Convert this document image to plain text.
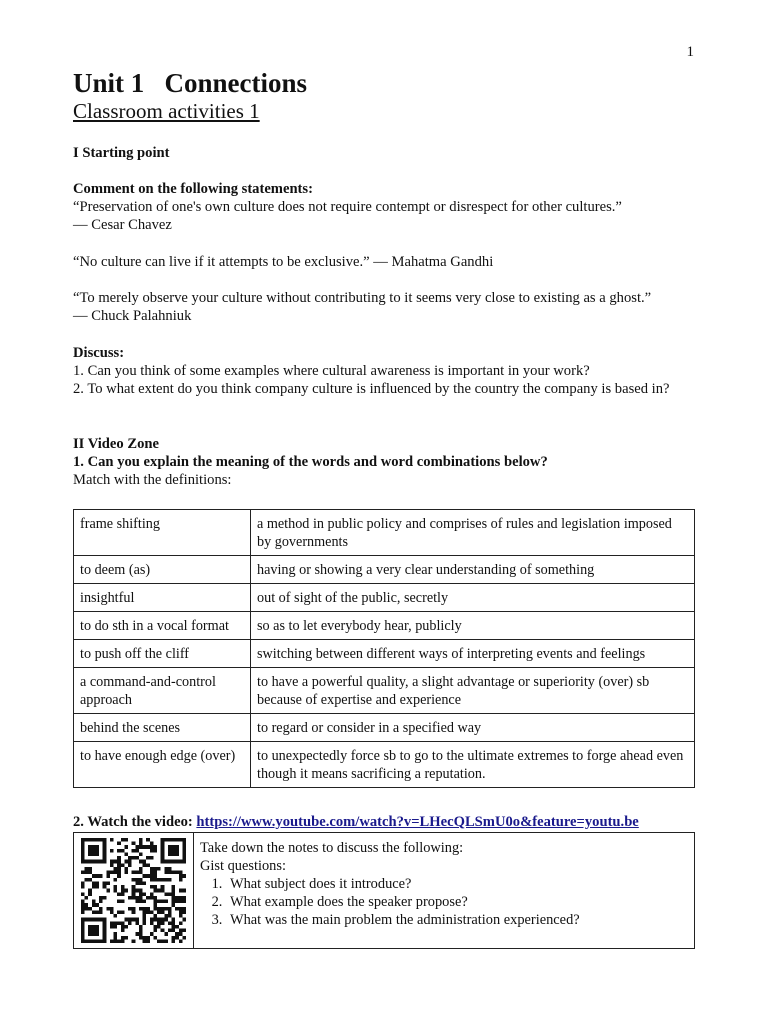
1
Unit 1   Connections
Classroom activities 1
I Starting point
Comment on the following statements:
“Preservation of one's own culture does not require contempt or disrespect for other cultures.”
— Cesar Chavez
“No culture can live if it attempts to be exclusive.” — Mahatma Gandhi
“To merely observe your culture without contributing to it seems very close to existing as a ghost.”
— Chuck Palahniuk
Discuss:
1. Can you think of some examples where cultural awareness is important in your work?
2. To what extent do you think company culture is influenced by the country the company is based in?
II Video Zone
1. Can you explain the meaning of the words and word combinations below?
Match with the definitions:
frame shifting	a method in public policy and comprises of rules and legislation imposed by governments
to deem (as)	having or showing a very clear understanding of something
insightful	out of sight of the public, secretly
to do sth in a vocal format	so as to let everybody hear, publicly
to push off the cliff	switching between different ways of interpreting events and feelings
a command-and-control approach	to have a powerful quality, a slight advantage or superiority (over) sb because of expertise and experience
behind the scenes	to regard or consider in a specified way
to have enough edge (over)	to unexpectedly force sb to go to the ultimate extremes to forge ahead even though it means sacrificing a reputation.
2. Watch the video: https://www.youtube.com/watch?v=LHecQLSmU0o&feature=youtu.be
Take down the notes to discuss the following:
Gist questions:
1. What subject does it introduce?
2. What example does the speaker propose?
3. What was the main problem the administration experienced?
